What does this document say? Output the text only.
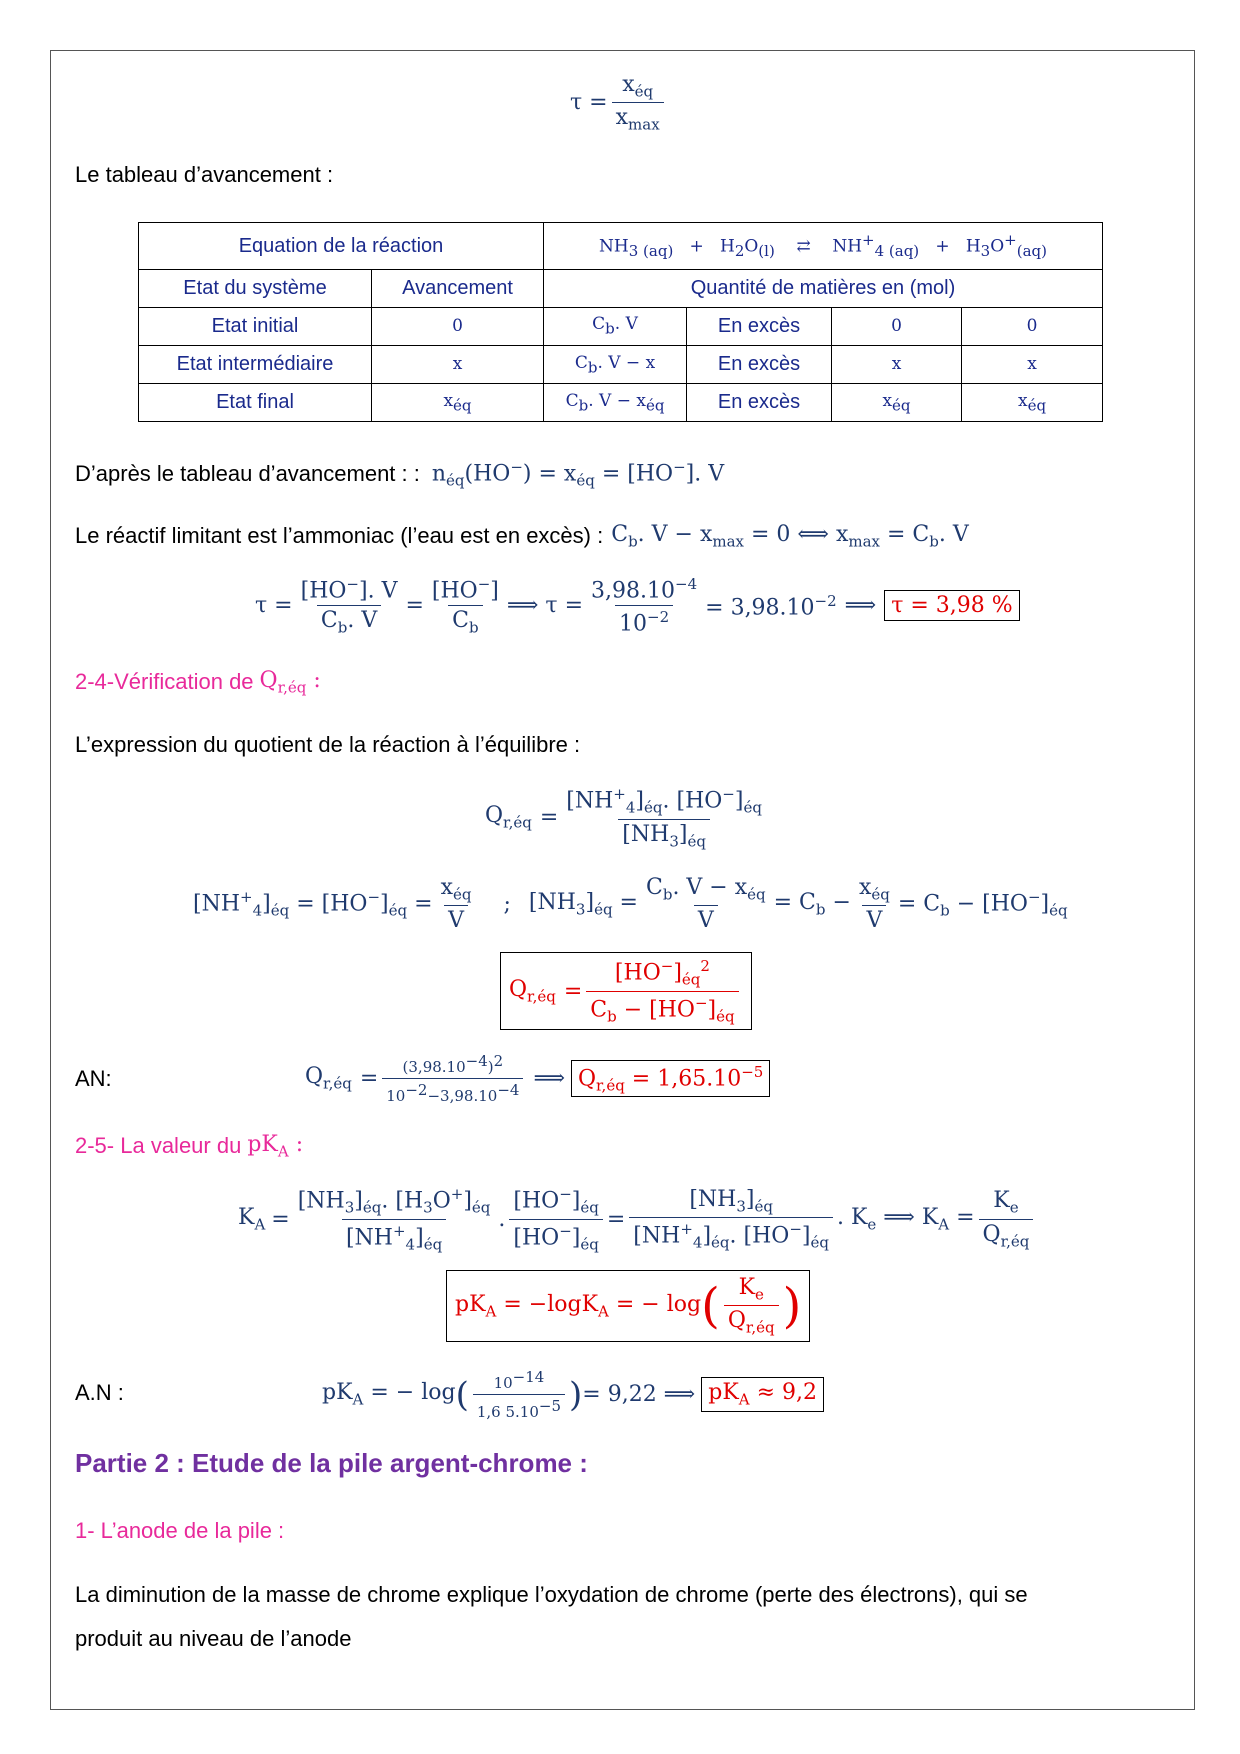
$\tau = \frac{x_{éq}}{x_{max}}$
Le tableau d’avancement :
Equation de la réaction		$NH_{3 (aq)} + H_2O_{(l)}$ ⇄ $NH^+_{4 (aq)} + H_3O^+_{(aq)}$
Etat du système	Avancement	Quantité de matières en (mol)			
Etat initial	0	$C_b$. V	En excès	0	0
Etat intermédiaire	x	$C_b$. V − x	En excès	x	x
Etat final	$x_{éq}$	$C_b$. $V - x_{éq}$	En excès	$x_{éq}$	$x_{éq}$
D’après le tableau d’avancement : : $n_{éq}(HO^-) = x_{éq} = [HO^-]$. V
Le réactif limitant est l’ammoniac (l’eau est en excès) : $C_b$. $V - x_{max} = 0$ ⟺ $x_{max} = C_b$. V
$\tau = \frac{[HO^-]. V}{C_b. V} = \frac{[HO^-]}{C_b}$ ⟹ $\tau = \frac{3,98.10^{-4}}{10^{-2}} = 3,98.10^{-2}$ ⟹ τ = 3,98 %
2-4-Vérification de $Q_{r,éq}$ :
L’expression du quotient de la réaction à l’équilibre :
$Q_{r,éq} = \frac{[NH^+_4]_{éq}. [HO^-]_{éq}}{[NH_3]_{éq}}$
$[NH^+_4]_{éq} = [HO^-]_{éq} = \frac{x_{éq}}{V}$ ; $[NH_3]_{éq} = \frac{C_b. V - x_{éq}}{V} = C_b - \frac{x_{éq}}{V} = C_b - [HO^-]_{éq}$
$Q_{r,éq} = \frac{[HO^-]_{éq}^2}{C_b - [HO^-]_{éq}}$
AN:	$Q_{r,éq} = \frac{(3,98.10^{-4})^2}{10^{-2}-3,98.10^{-4}}$ ⟹ $Q_{r,éq} = 1,65.10^{-5}$
2-5- La valeur du $pK_A$ :
$K_A = \frac{[NH_3]_{éq}. [H_3O^+]_{éq}}{[NH^+_4]_{éq}}$ . $\frac{[HO^-]_{éq}}{[HO^-]_{éq}} = \frac{[NH_3]_{éq}}{[NH^+_4]_{éq}. [HO^-]_{éq}}$ . $K_e$ ⟹ $K_A = \frac{K_e}{Q_{r,éq}}$
$pK_A = -\log K_A$ = − log ( $\frac{K_e}{Q_{r,éq}}$ )
A.N :	$pK_A$ = − log ( $\frac{10^{-14}}{1,6 5.10^{-5}}$ ) = 9,22 ⟹ $pK_A \approx 9,2$
Partie 2 : Etude de la pile argent-chrome :
1- L’anode de la pile :
La diminution de la masse de chrome explique l’oxydation de chrome (perte des électrons), qui se
produit au niveau de l’anode
